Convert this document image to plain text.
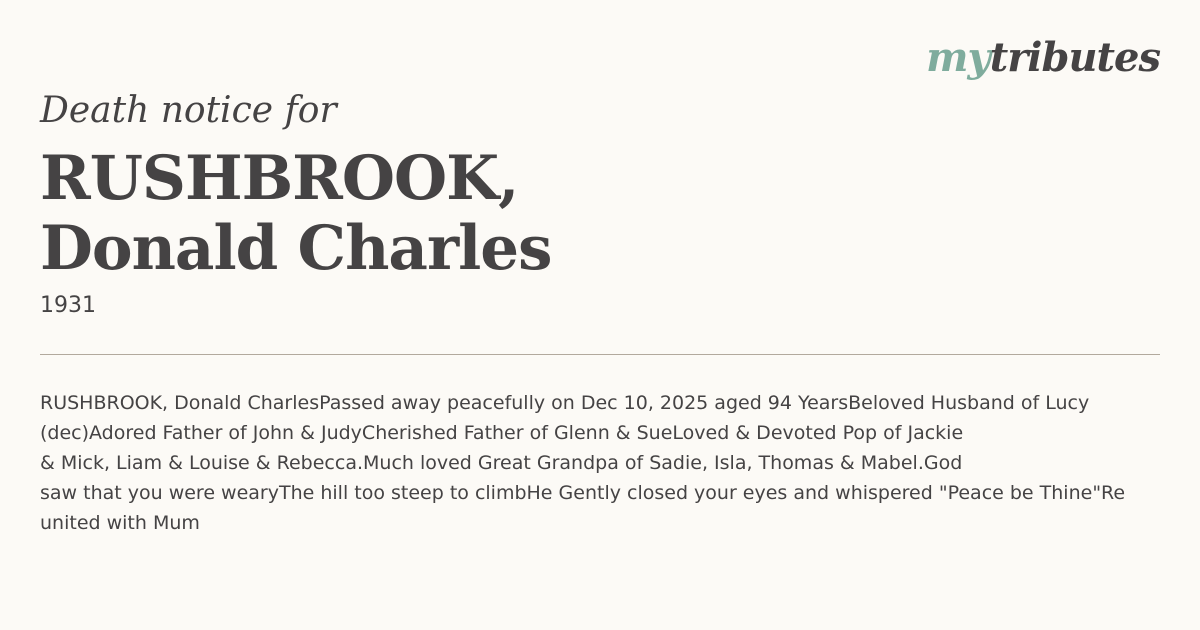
mytributes
Death notice for
RUSHBROOK,
Donald Charles
1931
RUSHBROOK, Donald CharlesPassed away peacefully on Dec 10, 2025 aged 94 YearsBeloved Husband of Lucy
(dec)Adored Father of John & JudyCherished Father of Glenn & SueLoved & Devoted Pop of Jackie
& Mick, Liam & Louise & Rebecca.Much loved Great Grandpa of Sadie, Isla, Thomas & Mabel.God
saw that you were wearyThe hill too steep to climbHe Gently closed your eyes and whispered "Peace be Thine"Re
united with Mum
